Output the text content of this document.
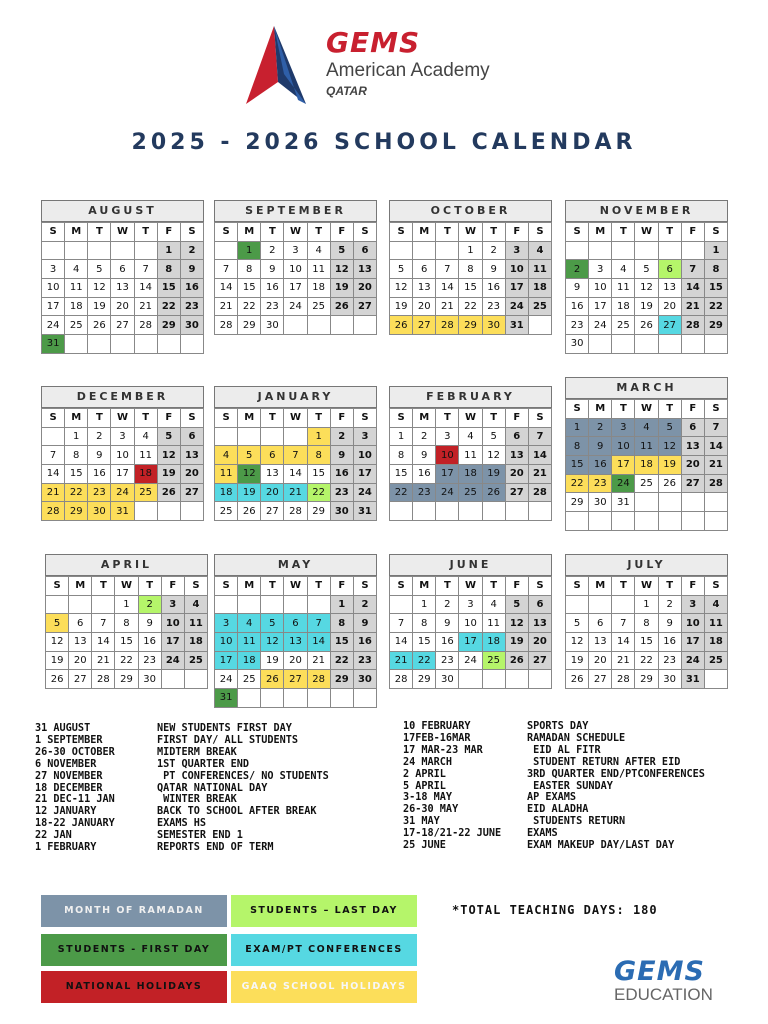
GEMS
American Academy
QATAR
2025 - 2026 SCHOOL CALENDAR
AUGUST
S	M	T	W	T	F	S
					1	2
3	4	5	6	7	8	9
10	11	12	13	14	15	16
17	18	19	20	21	22	23
24	25	26	27	28	29	30
31						
SEPTEMBER
S	M	T	W	T	F	S
	1	2	3	4	5	6
7	8	9	10	11	12	13
14	15	16	17	18	19	20
21	22	23	24	25	26	27
28	29	30				
OCTOBER
S	M	T	W	T	F	S
			1	2	3	4
5	6	7	8	9	10	11
12	13	14	15	16	17	18
19	20	21	22	23	24	25
26	27	28	29	30	31	
NOVEMBER
S	M	T	W	T	F	S
						1
2	3	4	5	6	7	8
9	10	11	12	13	14	15
16	17	18	19	20	21	22
23	24	25	26	27	28	29
30						
DECEMBER
S	M	T	W	T	F	S
	1	2	3	4	5	6
7	8	9	10	11	12	13
14	15	16	17	18	19	20
21	22	23	24	25	26	27
28	29	30	31			
JANUARY
S	M	T	W	T	F	S
				1	2	3
4	5	6	7	8	9	10
11	12	13	14	15	16	17
18	19	20	21	22	23	24
25	26	27	28	29	30	31
FEBRUARY
S	M	T	W	T	F	S
1	2	3	4	5	6	7
8	9	10	11	12	13	14
15	16	17	18	19	20	21
22	23	24	25	26	27	28

MARCH
S	M	T	W	T	F	S
1	2	3	4	5	6	7
8	9	10	11	12	13	14
15	16	17	18	19	20	21
22	23	24	25	26	27	28
29	30	31				

APRIL
S	M	T	W	T	F	S
			1	2	3	4
5	6	7	8	9	10	11
12	13	14	15	16	17	18
19	20	21	22	23	24	25
26	27	28	29	30		
MAY
S	M	T	W	T	F	S
					1	2
3	4	5	6	7	8	9
10	11	12	13	14	15	16
17	18	19	20	21	22	23
24	25	26	27	28	29	30
31						
JUNE
S	M	T	W	T	F	S
	1	2	3	4	5	6
7	8	9	10	11	12	13
14	15	16	17	18	19	20
21	22	23	24	25	26	27
28	29	30				
JULY
S	M	T	W	T	F	S
			1	2	3	4
5	6	7	8	9	10	11
12	13	14	15	16	17	18
19	20	21	22	23	24	25
26	27	28	29	30	31	
31 AUGUST	NEW STUDENTS FIRST DAY
1 SEPTEMBER	FIRST DAY/ ALL STUDENTS
26-30 OCTOBER	MIDTERM BREAK
6 NOVEMBER	1ST QUARTER END
27 NOVEMBER	PT CONFERENCES/ NO STUDENTS
18 DECEMBER	QATAR NATIONAL DAY
21 DEC-11 JAN	WINTER BREAK
12 JANUARY	BACK TO SCHOOL AFTER BREAK
18-22 JANUARY	EXAMS HS
22 JAN	SEMESTER END 1
1 FEBRUARY	REPORTS END OF TERM
10 FEBRUARY	SPORTS DAY
17FEB-16MAR	RAMADAN SCHEDULE
17 MAR-23 MAR	EID AL FITR
24 MARCH	STUDENT RETURN AFTER EID
2 APRIL	3RD QUARTER END/PTCONFERENCES
5 APRIL	EASTER SUNDAY
3-18 MAY	AP EXAMS
26-30 MAY	EID ALADHA
31 MAY	STUDENTS RETURN
17-18/21-22 JUNE	EXAMS
25 JUNE	EXAM MAKEUP DAY/LAST DAY
MONTH OF RAMADAN	STUDENTS – LAST DAY
STUDENTS - FIRST DAY	EXAM/PT CONFERENCES
NATIONAL HOLIDAYS	GAAQ SCHOOL HOLIDAYS
*TOTAL TEACHING DAYS: 180
GEMS
EDUCATION
